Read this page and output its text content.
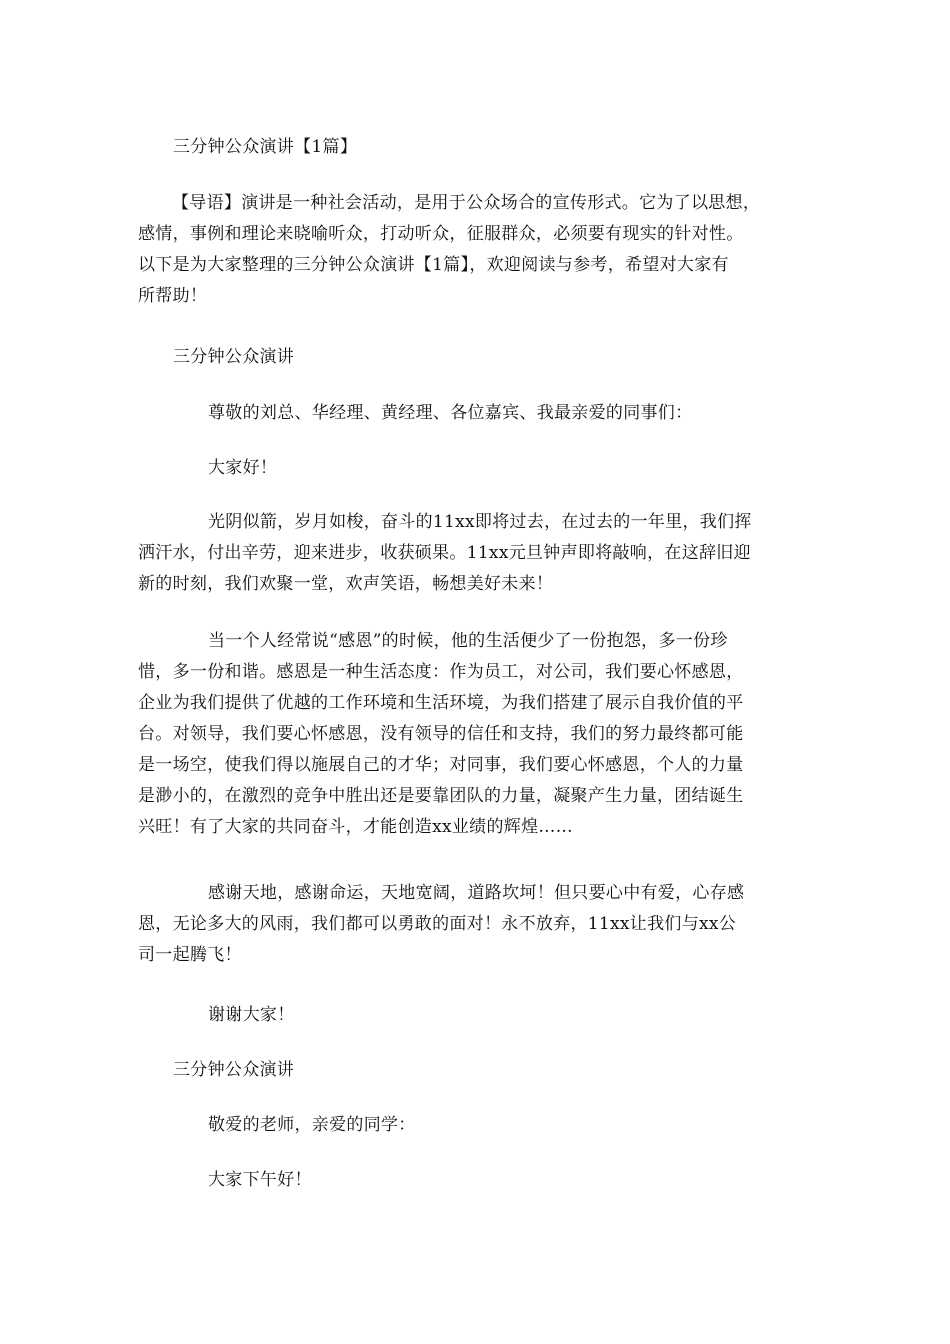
三分钟公众演讲【1篇】
【导语】演讲是一种社会活动，是用于公众场合的宣传形式。它为了以思想，
感情，事例和理论来晓喻听众，打动听众，征服群众，必须要有现实的针对性。
以下是为大家整理的三分钟公众演讲【1篇】，欢迎阅读与参考，希望对大家有
所帮助！
三分钟公众演讲
尊敬的刘总、华经理、黄经理、各位嘉宾、我最亲爱的同事们：
大家好！
光阴似箭，岁月如梭，奋斗的11xx即将过去，在过去的一年里，我们挥
洒汗水，付出辛劳，迎来进步，收获硕果。11xx元旦钟声即将敲响，在这辞旧迎
新的时刻，我们欢聚一堂，欢声笑语，畅想美好未来！
当一个人经常说“感恩”的时候，他的生活便少了一份抱怨，多一份珍
惜，多一份和谐。感恩是一种生活态度：作为员工，对公司，我们要心怀感恩，
企业为我们提供了优越的工作环境和生活环境，为我们搭建了展示自我价值的平
台。对领导，我们要心怀感恩，没有领导的信任和支持，我们的努力最终都可能
是一场空，使我们得以施展自己的才华；对同事，我们要心怀感恩，个人的力量
是渺小的，在激烈的竞争中胜出还是要靠团队的力量，凝聚产生力量，团结诞生
兴旺！有了大家的共同奋斗，才能创造xx业绩的辉煌……
感谢天地，感谢命运，天地宽阔，道路坎坷！但只要心中有爱，心存感
恩，无论多大的风雨，我们都可以勇敢的面对！永不放弃，11xx让我们与xx公
司一起腾飞！
谢谢大家！
三分钟公众演讲
敬爱的老师，亲爱的同学：
大家下午好！
